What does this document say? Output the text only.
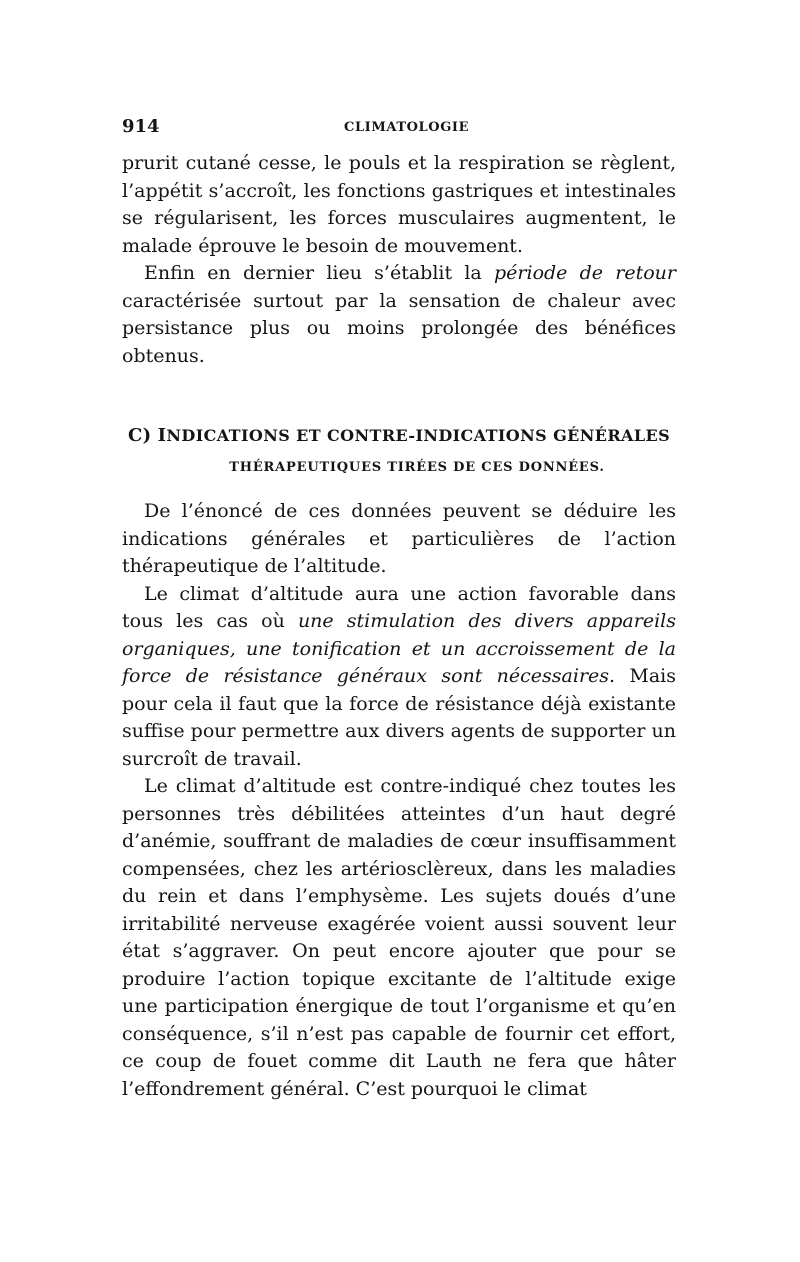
914	CLIMATOLOGIE

prurit cutané cesse, le pouls et la respiration se règlent, l’appétit s’accroît, les fonctions gastriques et intestinales se régularisent, les forces musculaires augmentent, le malade éprouve le besoin de mouvement.

Enfin en dernier lieu s’établit la période de retour caractérisée surtout par la sensation de chaleur avec persistance plus ou moins prolongée des bénéfices obtenus.

C) INDICATIONS ET CONTRE-INDICATIONS GÉNÉRALES
THÉRAPEUTIQUES TIRÉES DE CES DONNÉES.

De l’énoncé de ces données peuvent se déduire les indications générales et particulières de l’action thérapeutique de l’altitude.

Le climat d’altitude aura une action favorable dans tous les cas où une stimulation des divers appareils organiques, une tonification et un accroissement de la force de résistance généraux sont nécessaires. Mais pour cela il faut que la force de résistance déjà existante suffise pour permettre aux divers agents de supporter un surcroît de travail.

Le climat d’altitude est contre-indiqué chez toutes les personnes très débilitées atteintes d’un haut degré d’anémie, souffrant de maladies de cœur insuffisamment compensées, chez les artériosclèreux, dans les maladies du rein et dans l’emphysème. Les sujets doués d’une irritabilité nerveuse exagérée voient aussi souvent leur état s’aggraver. On peut encore ajouter que pour se produire l’action topique excitante de l’altitude exige une participation énergique de tout l’organisme et qu’en conséquence, s’il n’est pas capable de fournir cet effort, ce coup de fouet comme dit Lauth ne fera que hâter l’effondrement général. C’est pourquoi le climat
